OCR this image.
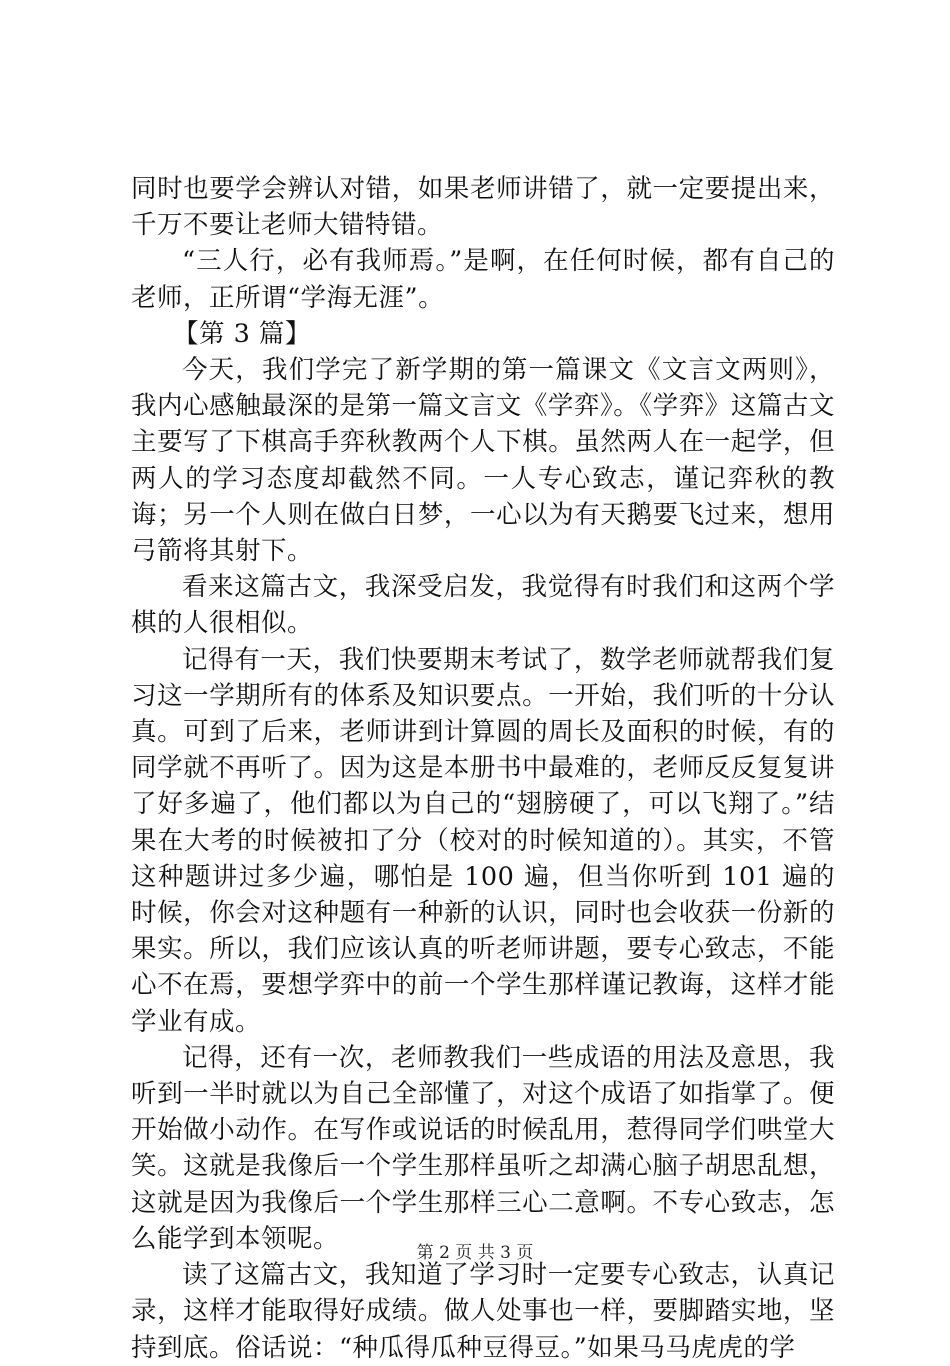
同时也要学会辨认对错，如果老师讲错了，就一定要提出来，千万不要让老师大错特错。

“三人行，必有我师焉。”是啊，在任何时候，都有自己的老师，正所谓“学海无涯”。

【第 3 篇】

今天，我们学完了新学期的第一篇课文《文言文两则》，我内心感触最深的是第一篇文言文《学弈》。《学弈》这篇古文主要写了下棋高手弈秋教两个人下棋。虽然两人在一起学，但两人的学习态度却截然不同。一人专心致志，谨记弈秋的教诲；另一个人则在做白日梦，一心以为有天鹅要飞过来，想用弓箭将其射下。

看来这篇古文，我深受启发，我觉得有时我们和这两个学棋的人很相似。

记得有一天，我们快要期末考试了，数学老师就帮我们复习这一学期所有的体系及知识要点。一开始，我们听的十分认真。可到了后来，老师讲到计算圆的周长及面积的时候，有的同学就不再听了。因为这是本册书中最难的，老师反反复复讲了好多遍了，他们都以为自己的“翅膀硬了，可以飞翔了。”结果在大考的时候被扣了分（校对的时候知道的）。其实，不管这种题讲过多少遍，哪怕是 100 遍，但当你听到 101 遍的时候，你会对这种题有一种新的认识，同时也会收获一份新的果实。所以，我们应该认真的听老师讲题，要专心致志，不能心不在焉，要想学弈中的前一个学生那样谨记教诲，这样才能学业有成。

记得，还有一次，老师教我们一些成语的用法及意思，我听到一半时就以为自己全部懂了，对这个成语了如指掌了。便开始做小动作。在写作或说话的时候乱用，惹得同学们哄堂大笑。这就是我像后一个学生那样虽听之却满心脑子胡思乱想，这就是因为我像后一个学生那样三心二意啊。不专心致志，怎么能学到本领呢。

读了这篇古文，我知道了学习时一定要专心致志，认真记录，这样才能取得好成绩。做人处事也一样，要脚踏实地，坚持到底。俗话说：“种瓜得瓜种豆得豆。”如果马马虎虎的学

第 2 页 共 3 页
